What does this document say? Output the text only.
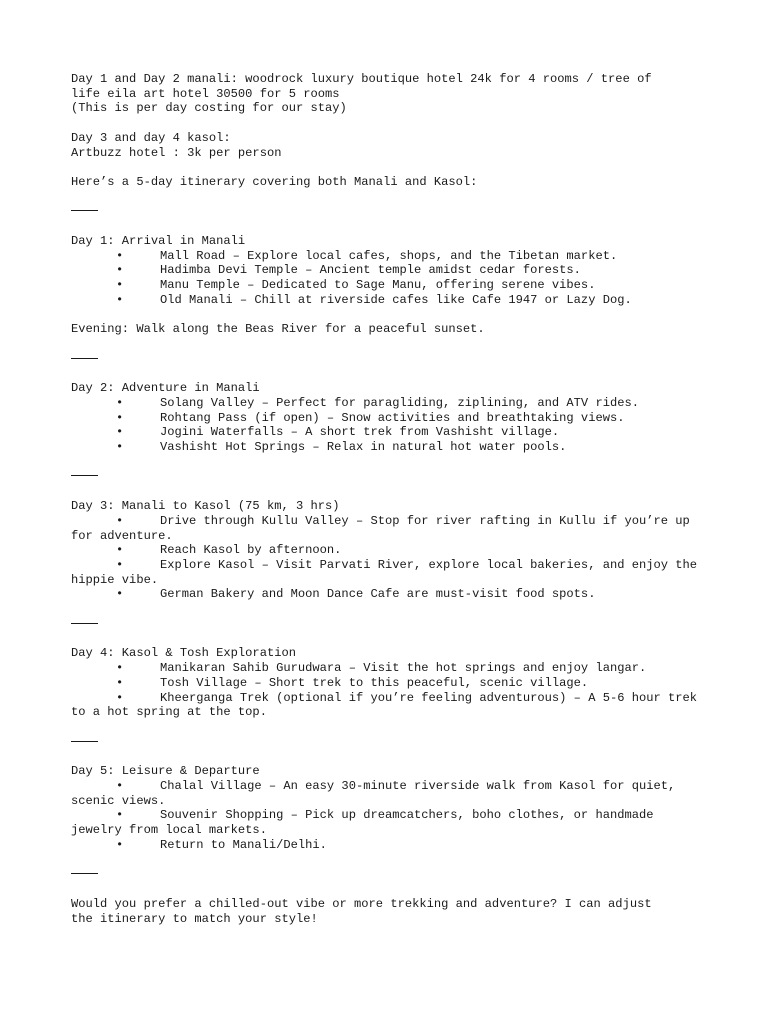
Day 1 and Day 2 manali: woodrock luxury boutique hotel 24k for 4 rooms / tree of
life eila art hotel 30500 for 5 rooms
(This is per day costing for our stay)
Day 3 and day 4 kasol:
Artbuzz hotel : 3k per person
Here’s a 5-day itinerary covering both Manali and Kasol:
Day 1: Arrival in Manali
•	Mall Road – Explore local cafes, shops, and the Tibetan market.
•	Hadimba Devi Temple – Ancient temple amidst cedar forests.
•	Manu Temple – Dedicated to Sage Manu, offering serene vibes.
•	Old Manali – Chill at riverside cafes like Cafe 1947 or Lazy Dog.
Evening: Walk along the Beas River for a peaceful sunset.
Day 2: Adventure in Manali
•	Solang Valley – Perfect for paragliding, ziplining, and ATV rides.
•	Rohtang Pass (if open) – Snow activities and breathtaking views.
•	Jogini Waterfalls – A short trek from Vashisht village.
•	Vashisht Hot Springs – Relax in natural hot water pools.
Day 3: Manali to Kasol (75 km, 3 hrs)
•	Drive through Kullu Valley – Stop for river rafting in Kullu if you’re up for adventure.
•	Reach Kasol by afternoon.
•	Explore Kasol – Visit Parvati River, explore local bakeries, and enjoy the hippie vibe.
•	German Bakery and Moon Dance Cafe are must-visit food spots.
Day 4: Kasol & Tosh Exploration
•	Manikaran Sahib Gurudwara – Visit the hot springs and enjoy langar.
•	Tosh Village – Short trek to this peaceful, scenic village.
•	Kheerganga Trek (optional if you’re feeling adventurous) – A 5-6 hour trek to a hot spring at the top.
Day 5: Leisure & Departure
•	Chalal Village – An easy 30-minute riverside walk from Kasol for quiet, scenic views.
•	Souvenir Shopping – Pick up dreamcatchers, boho clothes, or handmade jewelry from local markets.
•	Return to Manali/Delhi.
Would you prefer a chilled-out vibe or more trekking and adventure? I can adjust
the itinerary to match your style!
